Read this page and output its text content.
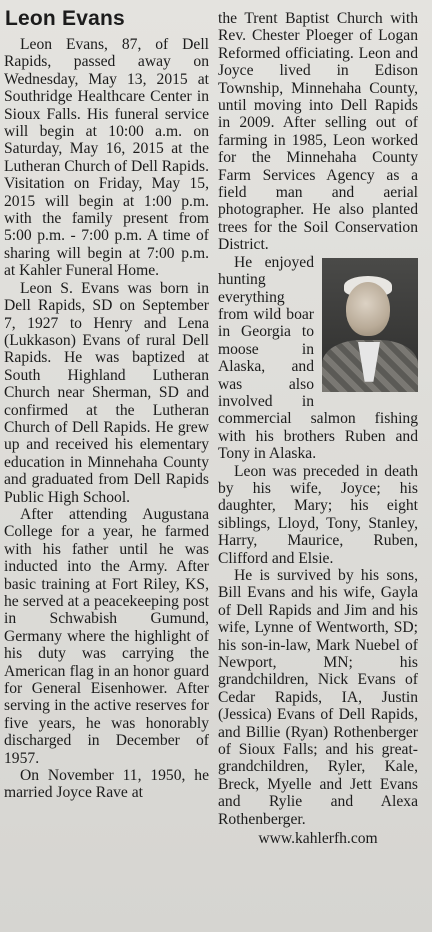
Leon Evans

Leon Evans, 87, of Dell Rapids, passed away on Wednesday, May 13, 2015 at Southridge Healthcare Center in Sioux Falls. His funeral service will begin at 10:00 a.m. on Saturday, May 16, 2015 at the Lutheran Church of Dell Rapids. Visitation on Friday, May 15, 2015 will begin at 1:00 p.m. with the family present from 5:00 p.m. - 7:00 p.m. A time of sharing will begin at 7:00 p.m. at Kahler Funeral Home.

Leon S. Evans was born in Dell Rapids, SD on September 7, 1927 to Henry and Lena (Lukkason) Evans of rural Dell Rapids. He was baptized at South Highland Lutheran Church near Sherman, SD and confirmed at the Lutheran Church of Dell Rapids. He grew up and received his elementary education in Minnehaha County and graduated from Dell Rapids Public High School.

After attending Augustana College for a year, he farmed with his father until he was inducted into the Army. After basic training at Fort Riley, KS, he served at a peacekeeping post in Schwabish Gumund, Germany where the highlight of his duty was carrying the American flag in an honor guard for General Eisenhower. After serving in the active reserves for five years, he was honorably discharged in December of 1957.

On November 11, 1950, he married Joyce Rave at

the Trent Baptist Church with Rev. Chester Ploeger of Logan Reformed officiating. Leon and Joyce lived in Edison Township, Minnehaha County, until moving into Dell Rapids in 2009. After selling out of farming in 1985, Leon worked for the Minnehaha County Farm Services Agency as a field man and aerial photographer. He also planted trees for the Soil Conservation District.

He enjoyed hunting everything from wild boar in Georgia to moose in Alaska, and was also involved in commercial salmon fishing with his brothers Ruben and Tony in Alaska.

Leon was preceded in death by his wife, Joyce; his daughter, Mary; his eight siblings, Lloyd, Tony, Stanley, Harry, Maurice, Ruben, Clifford and Elsie.

He is survived by his sons, Bill Evans and his wife, Gayla of Dell Rapids and Jim and his wife, Lynne of Wentworth, SD; his son-in-law, Mark Nuebel of Newport, MN; his grandchildren, Nick Evans of Cedar Rapids, IA, Justin (Jessica) Evans of Dell Rapids, and Billie (Ryan) Rothenberger of Sioux Falls; and his great-grandchildren, Ryler, Kale, Breck, Myelle and Jett Evans and Rylie and Alexa Rothenberger.

www.kahlerfh.com
